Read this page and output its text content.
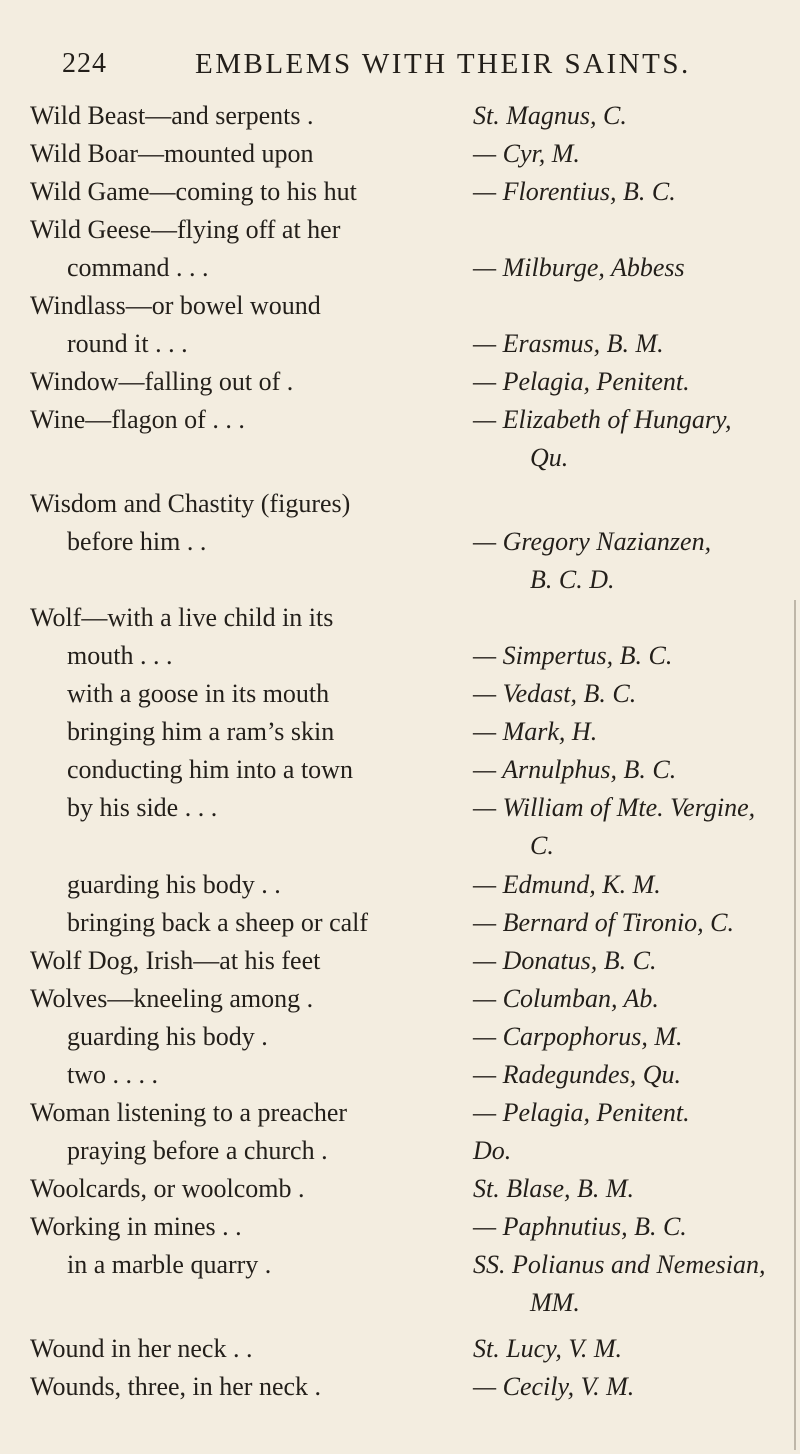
224	EMBLEMS WITH THEIR SAINTS.
Wild Beast—and serpents .	St. Magnus, C.
Wild Boar—mounted upon	— Cyr, M.
Wild Game—coming to his hut	— Florentius, B. C.
Wild Geese—flying off at her
command . . .	— Milburge, Abbess
Windlass—or bowel wound
round it . . .	— Erasmus, B. M.
Window—falling out of .	— Pelagia, Penitent.
Wine—flagon of . . .	— Elizabeth of Hungary,
Qu.
Wisdom and Chastity (figures)
before him . .	— Gregory Nazianzen,
B. C. D.
Wolf—with a live child in its
mouth . . .	— Simpertus, B. C.
with a goose in its mouth	— Vedast, B. C.
bringing him a ram’s skin	— Mark, H.
conducting him into a town	— Arnulphus, B. C.
by his side . . .	— William of Mte. Vergine,
C.
guarding his body . .	— Edmund, K. M.
bringing back a sheep or calf	— Bernard of Tironio, C.
Wolf Dog, Irish—at his feet	— Donatus, B. C.
Wolves—kneeling among .	— Columban, Ab.
guarding his body .	— Carpophorus, M.
two . . . .	— Radegundes, Qu.
Woman listening to a preacher	— Pelagia, Penitent.
praying before a church .	Do.
Woolcards, or woolcomb .	St. Blase, B. M.
Working in mines . .	— Paphnutius, B. C.
in a marble quarry .	SS. Polianus and Nemesian,
MM.
Wound in her neck . .	St. Lucy, V. M.
Wounds, three, in her neck .	— Cecily, V. M.
